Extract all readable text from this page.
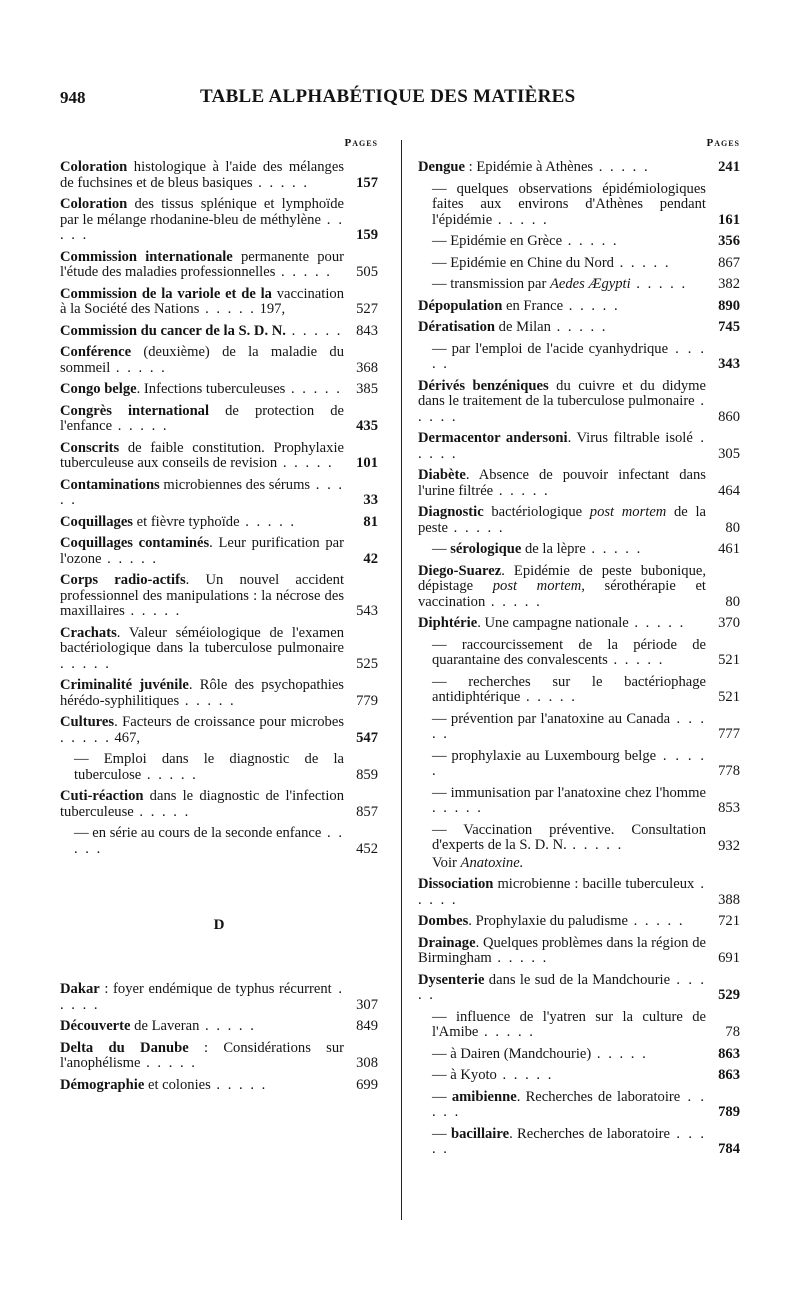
948	TABLE ALPHABÉTIQUE DES MATIÈRES
Pages
Coloration histologique à l'aide des mélanges de fuchsines et de bleus basiques . . . . .	157
Coloration des tissus splénique et lymphoïde par le mélange rhodanine-bleu de méthylène . . . . .	159
Commission internationale permanente pour l'étude des maladies professionnelles . . . . .	505
Commission de la variole et de la vaccination à la Société des Nations . . . . . 197,	527
Commission du cancer de la S. D. N. . . . . . 843
Conférence (deuxième) de la maladie du sommeil . . . . .	368
Congo belge. Infections tuberculeuses . . . . . 385
Congrès international de protection de l'enfance . . . . .	435
Conscrits de faible constitution. Prophylaxie tuberculeuse aux conseils de revision . . . . .	101
Contaminations microbiennes des sérums . . . . .	33
Coquillages et fièvre typhoïde . . . . .	81
Coquillages contaminés. Leur purification par l'ozone . . . . .	42
Corps radio-actifs. Un nouvel accident professionnel des manipulations : la nécrose des maxillaires . . . . .	543
Crachats. Valeur séméiologique de l'examen bactériologique dans la tuberculose pulmonaire . . . . .	525
Criminalité juvénile. Rôle des psychopathies hérédo-syphilitiques . . . . .	779
Cultures. Facteurs de croissance pour microbes . . . . . 467,	547
— Emploi dans le diagnostic de la tuberculose . . . . .	859
Cuti-réaction dans le diagnostic de l'infection tuberculeuse . . . . .	857
— en série au cours de la seconde enfance . . . . .	452
D
Dakar : foyer endémique de typhus récurrent . . . . .	307
Découverte de Laveran . . . . .	849
Delta du Danube : Considérations sur l'anophélisme . . . . .	308
Démographie et colonies . . . . .	699
Pages
Dengue : Epidémie à Athènes . . . . .	241
— quelques observations épidémiologiques faites aux environs d'Athènes pendant l'épidémie . . . . .	161
— Epidémie en Grèce . . . . .	356
— Epidémie en Chine du Nord . . . . .	867
— transmission par Aedes Ægypti . . . . .	382
Dépopulation en France . . . . .	890
Dératisation de Milan . . . . .	745
— par l'emploi de l'acide cyanhydrique . . . . .	343
Dérivés benzéniques du cuivre et du didyme dans le traitement de la tuberculose pulmonaire . . . . .	860
Dermacentor andersoni. Virus filtrable isolé . . . . .	305
Diabète. Absence de pouvoir infectant dans l'urine filtrée . . . . .	464
Diagnostic bactériologique post mortem de la peste . . . . .	80
— sérologique de la lèpre . . . . .	461
Diego-Suarez. Epidémie de peste bubonique, dépistage post mortem, sérothérapie et vaccination . . . . .	80
Diphtérie. Une campagne nationale . . . . .	370
— raccourcissement de la période de quarantaine des convalescents . . . . .	521
— recherches sur le bactériophage antidiphtérique . . . . .	521
— prévention par l'anatoxine au Canada . . . . .	777
— prophylaxie au Luxembourg belge . . . . .	778
— immunisation par l'anatoxine chez l'homme . . . . .	853
— Vaccination préventive. Consultation d'experts de la S. D. N. . . . . .	932
Voir Anatoxine.
Dissociation microbienne : bacille tuberculeux . . . . .	388
Dombes. Prophylaxie du paludisme . . . . .	721
Drainage. Quelques problèmes dans la région de Birmingham . . . . .	691
Dysenterie dans le sud de la Mandchourie . . . . .	529
— influence de l'yatren sur la culture de l'Amibe . . . . .	78
— à Dairen (Mandchourie) . . . . .	863
— à Kyoto . . . . .	863
— amibienne. Recherches de laboratoire . . . . .	789
— bacillaire. Recherches de laboratoire . . . . .	784
